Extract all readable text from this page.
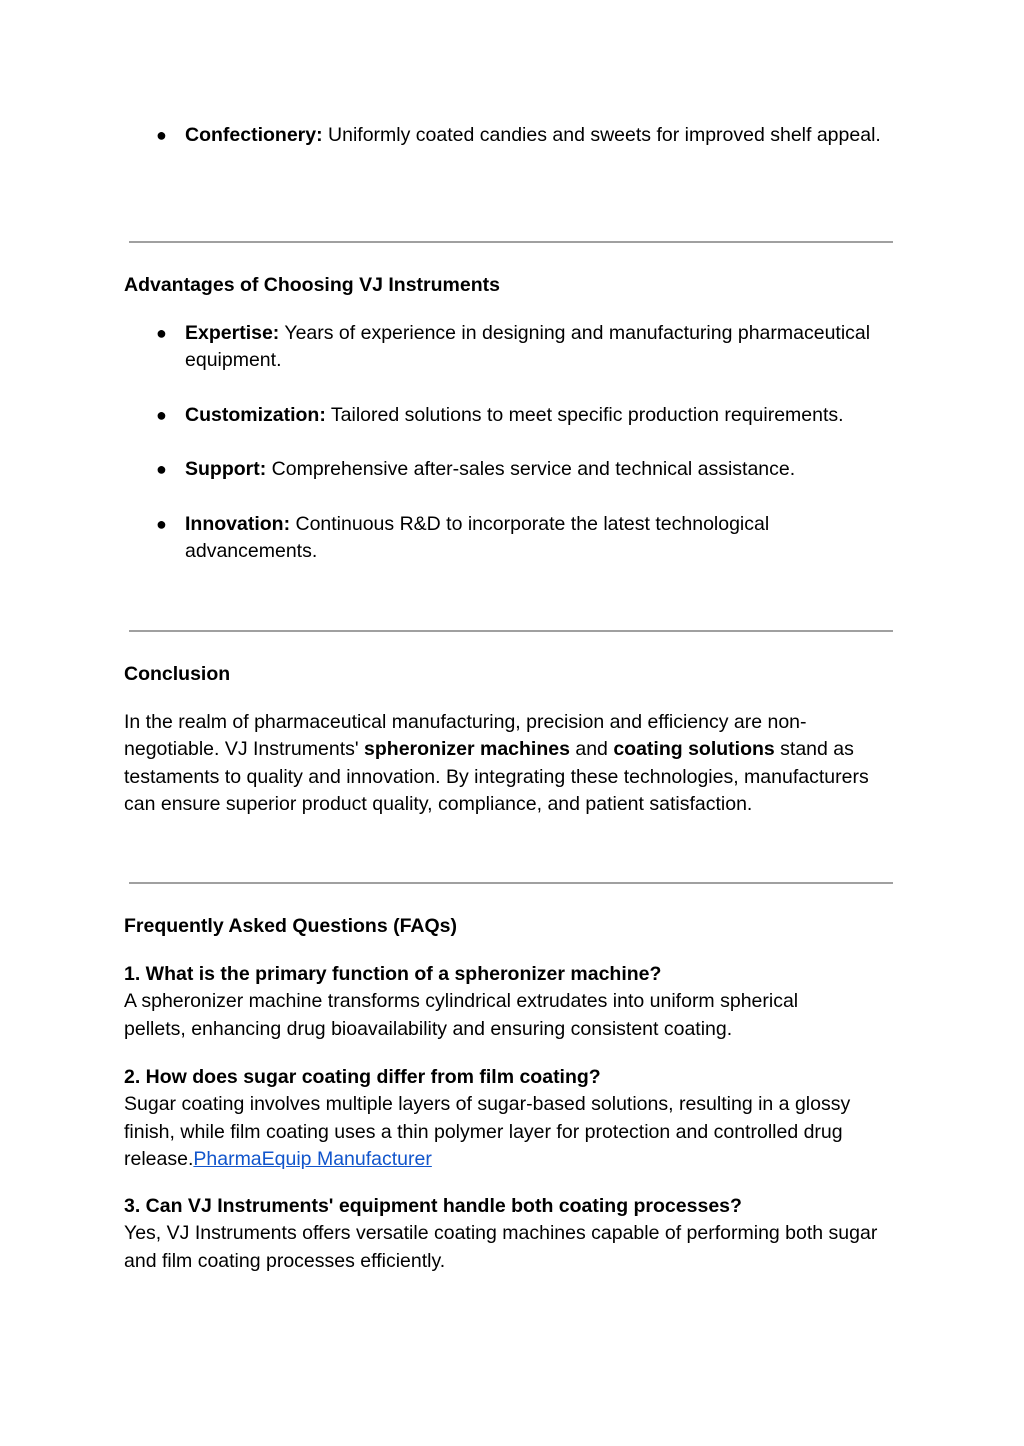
● Confectionery: Uniformly coated candies and sweets for improved shelf appeal.
Advantages of Choosing VJ Instruments
● Expertise: Years of experience in designing and manufacturing pharmaceutical equipment.
● Customization: Tailored solutions to meet specific production requirements.
● Support: Comprehensive after-sales service and technical assistance.
● Innovation: Continuous R&D to incorporate the latest technological advancements.
Conclusion
In the realm of pharmaceutical manufacturing, precision and efficiency are non-negotiable. VJ Instruments' spheronizer machines and coating solutions stand as testaments to quality and innovation. By integrating these technologies, manufacturers can ensure superior product quality, compliance, and patient satisfaction.
Frequently Asked Questions (FAQs)
1. What is the primary function of a spheronizer machine?
A spheronizer machine transforms cylindrical extrudates into uniform spherical pellets, enhancing drug bioavailability and ensuring consistent coating.
2. How does sugar coating differ from film coating?
Sugar coating involves multiple layers of sugar-based solutions, resulting in a glossy finish, while film coating uses a thin polymer layer for protection and controlled drug release.PharmaEquip Manufacturer
3. Can VJ Instruments' equipment handle both coating processes?
Yes, VJ Instruments offers versatile coating machines capable of performing both sugar and film coating processes efficiently.
